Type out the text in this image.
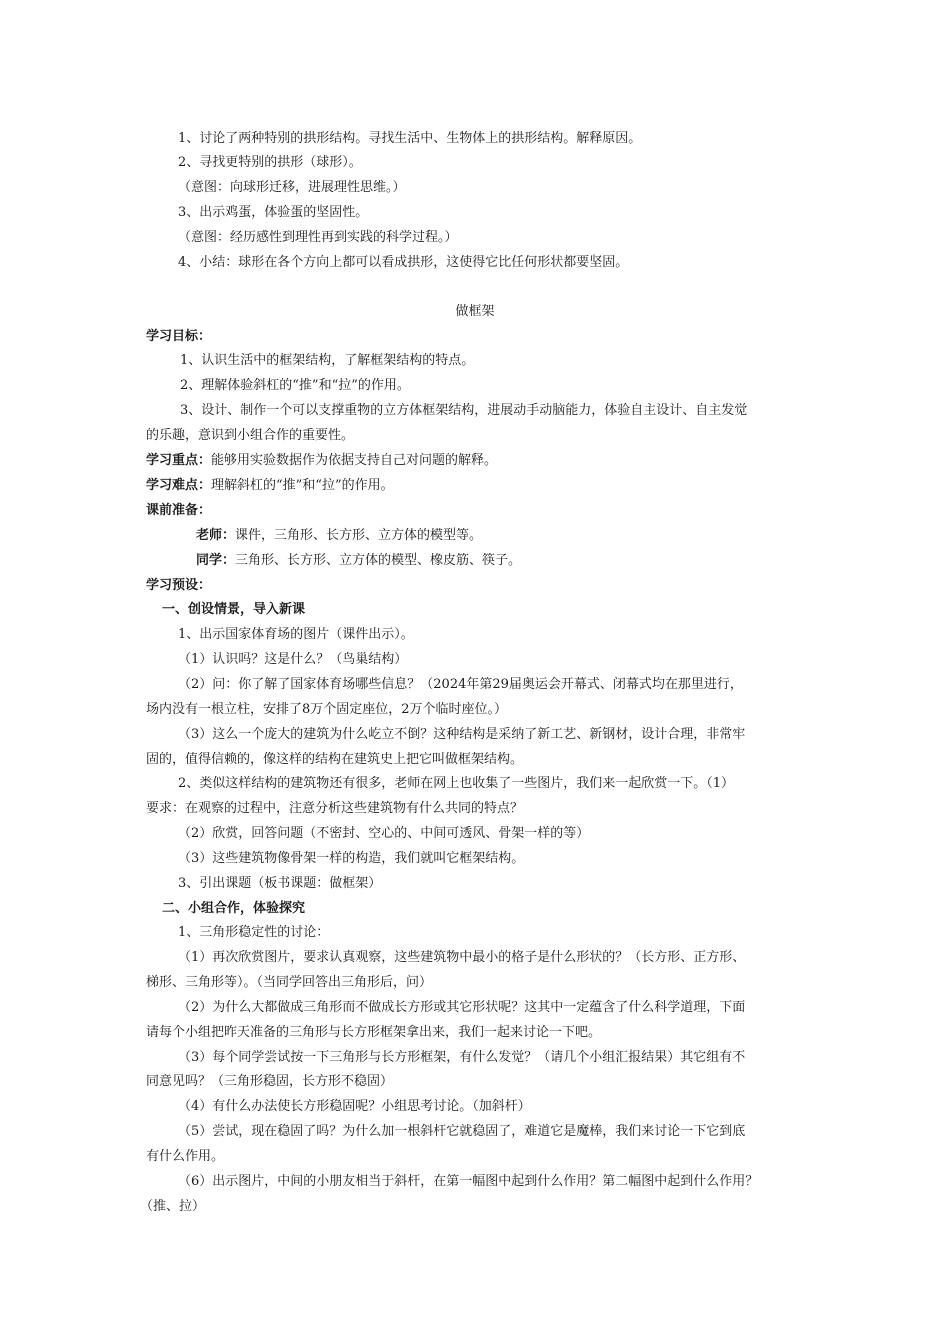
1、讨论了两种特别的拱形结构。寻找生活中、生物体上的拱形结构。解释原因。
2、寻找更特别的拱形（球形）。
（意图：向球形迁移，进展理性思维。）
3、出示鸡蛋，体验蛋的坚固性。
（意图：经历感性到理性再到实践的科学过程。）
4、小结：球形在各个方向上都可以看成拱形，这使得它比任何形状都要坚固。
做框架
学习目标：
1、认识生活中的框架结构，了解框架结构的特点。
2、理解体验斜杠的“推”和“拉”的作用。
3、设计、制作一个可以支撑重物的立方体框架结构，进展动手动脑能力，体验自主设计、自主发觉
的乐趣，意识到小组合作的重要性。
学习重点：能够用实验数据作为依据支持自己对问题的解释。
学习难点：理解斜杠的“推”和“拉”的作用。
课前准备：
老师：课件，三角形、长方形、立方体的模型等。
同学：三角形、长方形、立方体的模型、橡皮筋、筷子。
学习预设：
一、创设情景，导入新课
1、出示国家体育场的图片（课件出示）。
（1）认识吗？这是什么？（鸟巢结构）
（2）问：你了解了国家体育场哪些信息？（2024年第29届奥运会开幕式、闭幕式均在那里进行，
场内没有一根立柱，安排了8万个固定座位，2万个临时座位。）
（3）这么一个庞大的建筑为什么屹立不倒？这种结构是采纳了新工艺、新钢材，设计合理，非常牢
固的，值得信赖的，像这样的结构在建筑史上把它叫做框架结构。
2、类似这样结构的建筑物还有很多，老师在网上也收集了一些图片，我们来一起欣赏一下。（1）
要求：在观察的过程中，注意分析这些建筑物有什么共同的特点？
（2）欣赏，回答问题（不密封、空心的、中间可透风、骨架一样的等）
（3）这些建筑物像骨架一样的构造，我们就叫它框架结构。
3、引出课题（板书课题：做框架）
二、小组合作，体验探究
1、三角形稳定性的讨论：
（1）再次欣赏图片，要求认真观察，这些建筑物中最小的格子是什么形状的？（长方形、正方形、
梯形、三角形等）。（当同学回答出三角形后，问）
（2）为什么大都做成三角形而不做成长方形或其它形状呢？这其中一定蕴含了什么科学道理，下面
请每个小组把昨天准备的三角形与长方形框架拿出来，我们一起来讨论一下吧。
（3）每个同学尝试按一下三角形与长方形框架，有什么发觉？（请几个小组汇报结果）其它组有不
同意见吗？（三角形稳固，长方形不稳固）
（4）有什么办法使长方形稳固呢？小组思考讨论。（加斜杆）
（5）尝试，现在稳固了吗？为什么加一根斜杆它就稳固了，难道它是魔棒，我们来讨论一下它到底
有什么作用。
（6）出示图片，中间的小朋友相当于斜杆，在第一幅图中起到什么作用？第二幅图中起到什么作用？
（推、拉）
